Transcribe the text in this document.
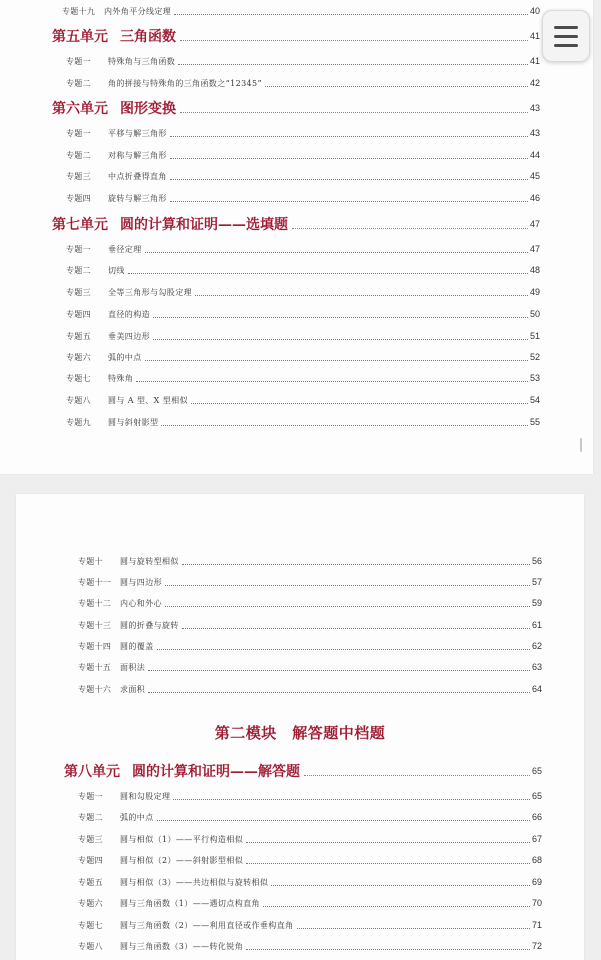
专题十九	内外角平分线定理	40
第五单元 三角函数	41
专题一	特殊角与三角函数	41
专题二	角的拼接与特殊角的三角函数之“12345”	42
第六单元 图形变换	43
专题一	平移与解三角形	43
专题二	对称与解三角形	44
专题三	中点折叠得直角	45
专题四	旋转与解三角形	46
第七单元 圆的计算和证明——选填题	47
专题一	垂径定理	47
专题二	切线	48
专题三	全等三角形与勾股定理	49
专题四	直径的构造	50
专题五	垂美四边形	51
专题六	弧的中点	52
专题七	特殊角	53
专题八	圆与 A 型、X 型相似	54
专题九	圆与斜射影型	55
专题十	圆与旋转型相似	56
专题十一	圆与四边形	57
专题十二	内心和外心	59
专题十三	圆的折叠与旋转	61
专题十四	圆的覆盖	62
专题十五	面积法	63
专题十六	求面积	64
第二模块　解答题中档题
第八单元 圆的计算和证明——解答题	65
专题一	圆和勾股定理	65
专题二	弧的中点	66
专题三	圆与相似（1）——平行构造相似	67
专题四	圆与相似（2）——斜射影型相似	68
专题五	圆与相似（3）——共边相似与旋转相似	69
专题六	圆与三角函数（1）——遇切点构直角	70
专题七	圆与三角函数（2）——利用直径或作垂构直角	71
专题八	圆与三角函数（3）——转化锐角	72
